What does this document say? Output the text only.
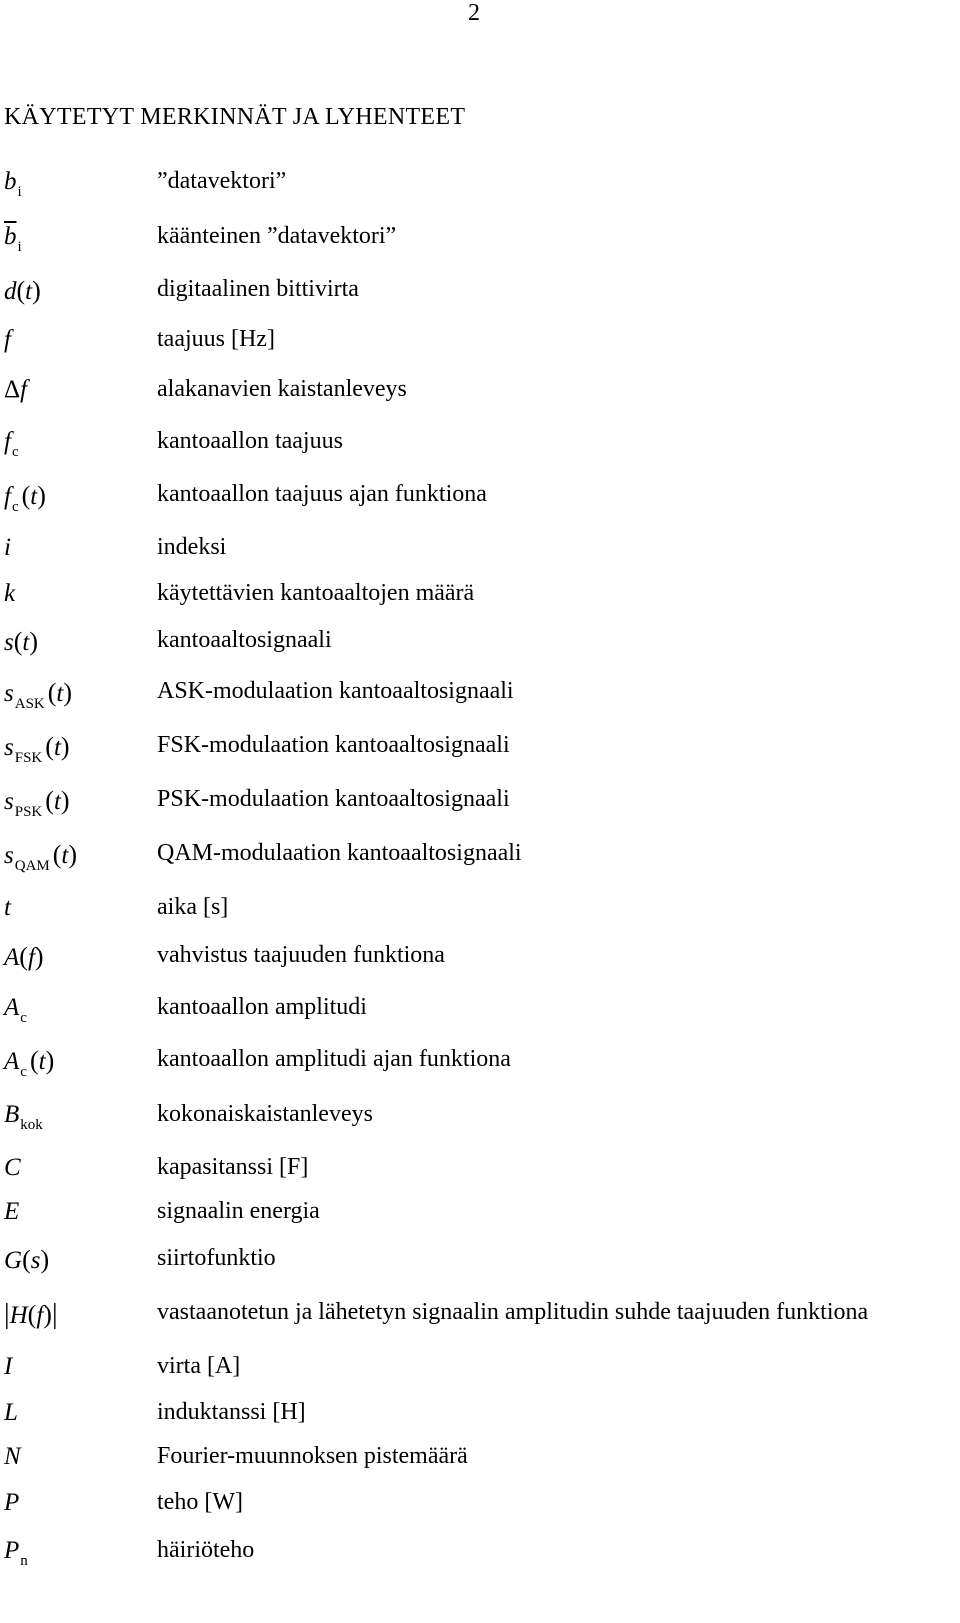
2
KÄYTETYT MERKINNÄT JA LYHENTEET
$b_i$	”datavektori”
$\overline{b}_i$	käänteinen ”datavektori”
d(t)	digitaalinen bittivirta
f	taajuus [Hz]
Δf	alakanavien kaistanleveys
$f_c$	kantoaallon taajuus
$f_c$ (t)	kantoaallon taajuus ajan funktiona
i	indeksi
k	käytettävien kantoaaltojen määrä
s(t)	kantoaaltosignaali
$s_{ASK}$ (t)	ASK-modulaation kantoaaltosignaali
$s_{FSK}$ (t)	FSK-modulaation kantoaaltosignaali
$s_{PSK}$ (t)	PSK-modulaation kantoaaltosignaali
$s_{QAM}$ (t)	QAM-modulaation kantoaaltosignaali
t	aika [s]
A(f)	vahvistus taajuuden funktiona
$A_c$	kantoaallon amplitudi
$A_c$ (t)	kantoaallon amplitudi ajan funktiona
$B_{kok}$	kokonaiskaistanleveys
C	kapasitanssi [F]
E	signaalin energia
G(s)	siirtofunktio
|H(f)|	vastaanotetun ja lähetetyn signaalin amplitudin suhde taajuuden funktiona
I	virta [A]
L	induktanssi [H]
N	Fourier-muunnoksen pistemäärä
P	teho [W]
$P_n$	häiriöteho
